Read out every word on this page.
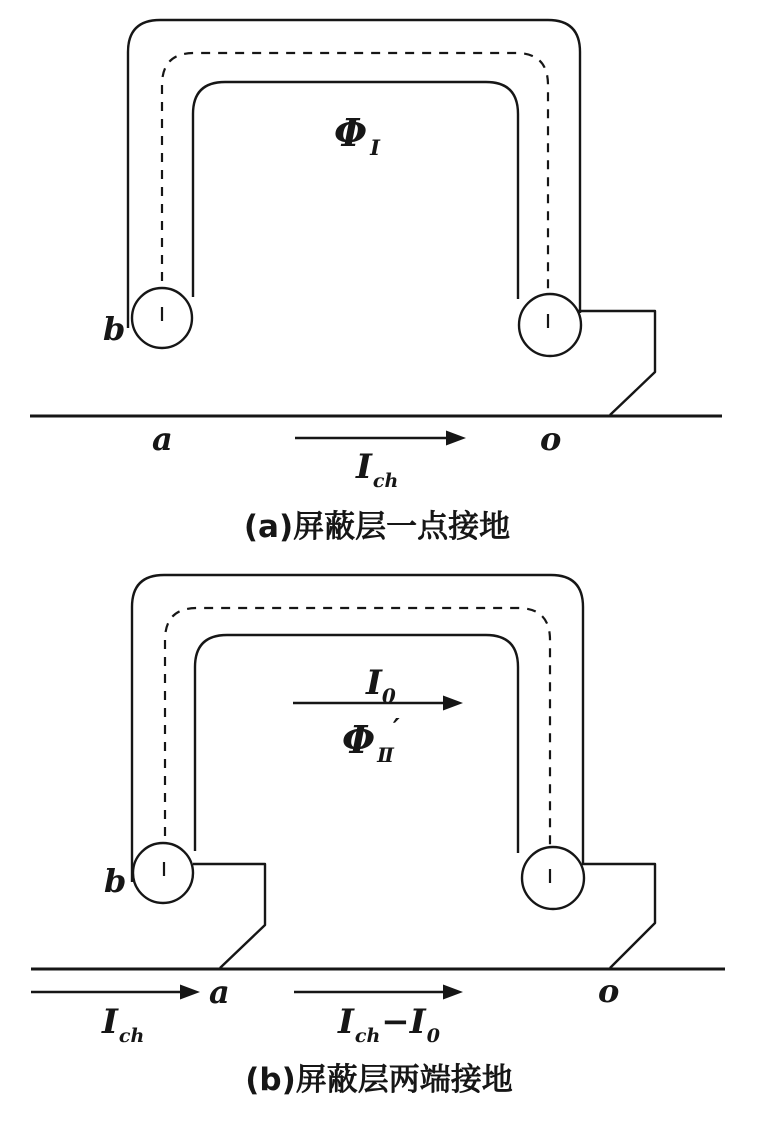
Φ $_I$
b
a	o
$I_{ch}$
(a)屏蔽层一点接地
$I_0$
Φ $_{II}$′
b
a	o
$I_{ch}$	$I_{ch}-I_0$
(b)屏蔽层两端接地
